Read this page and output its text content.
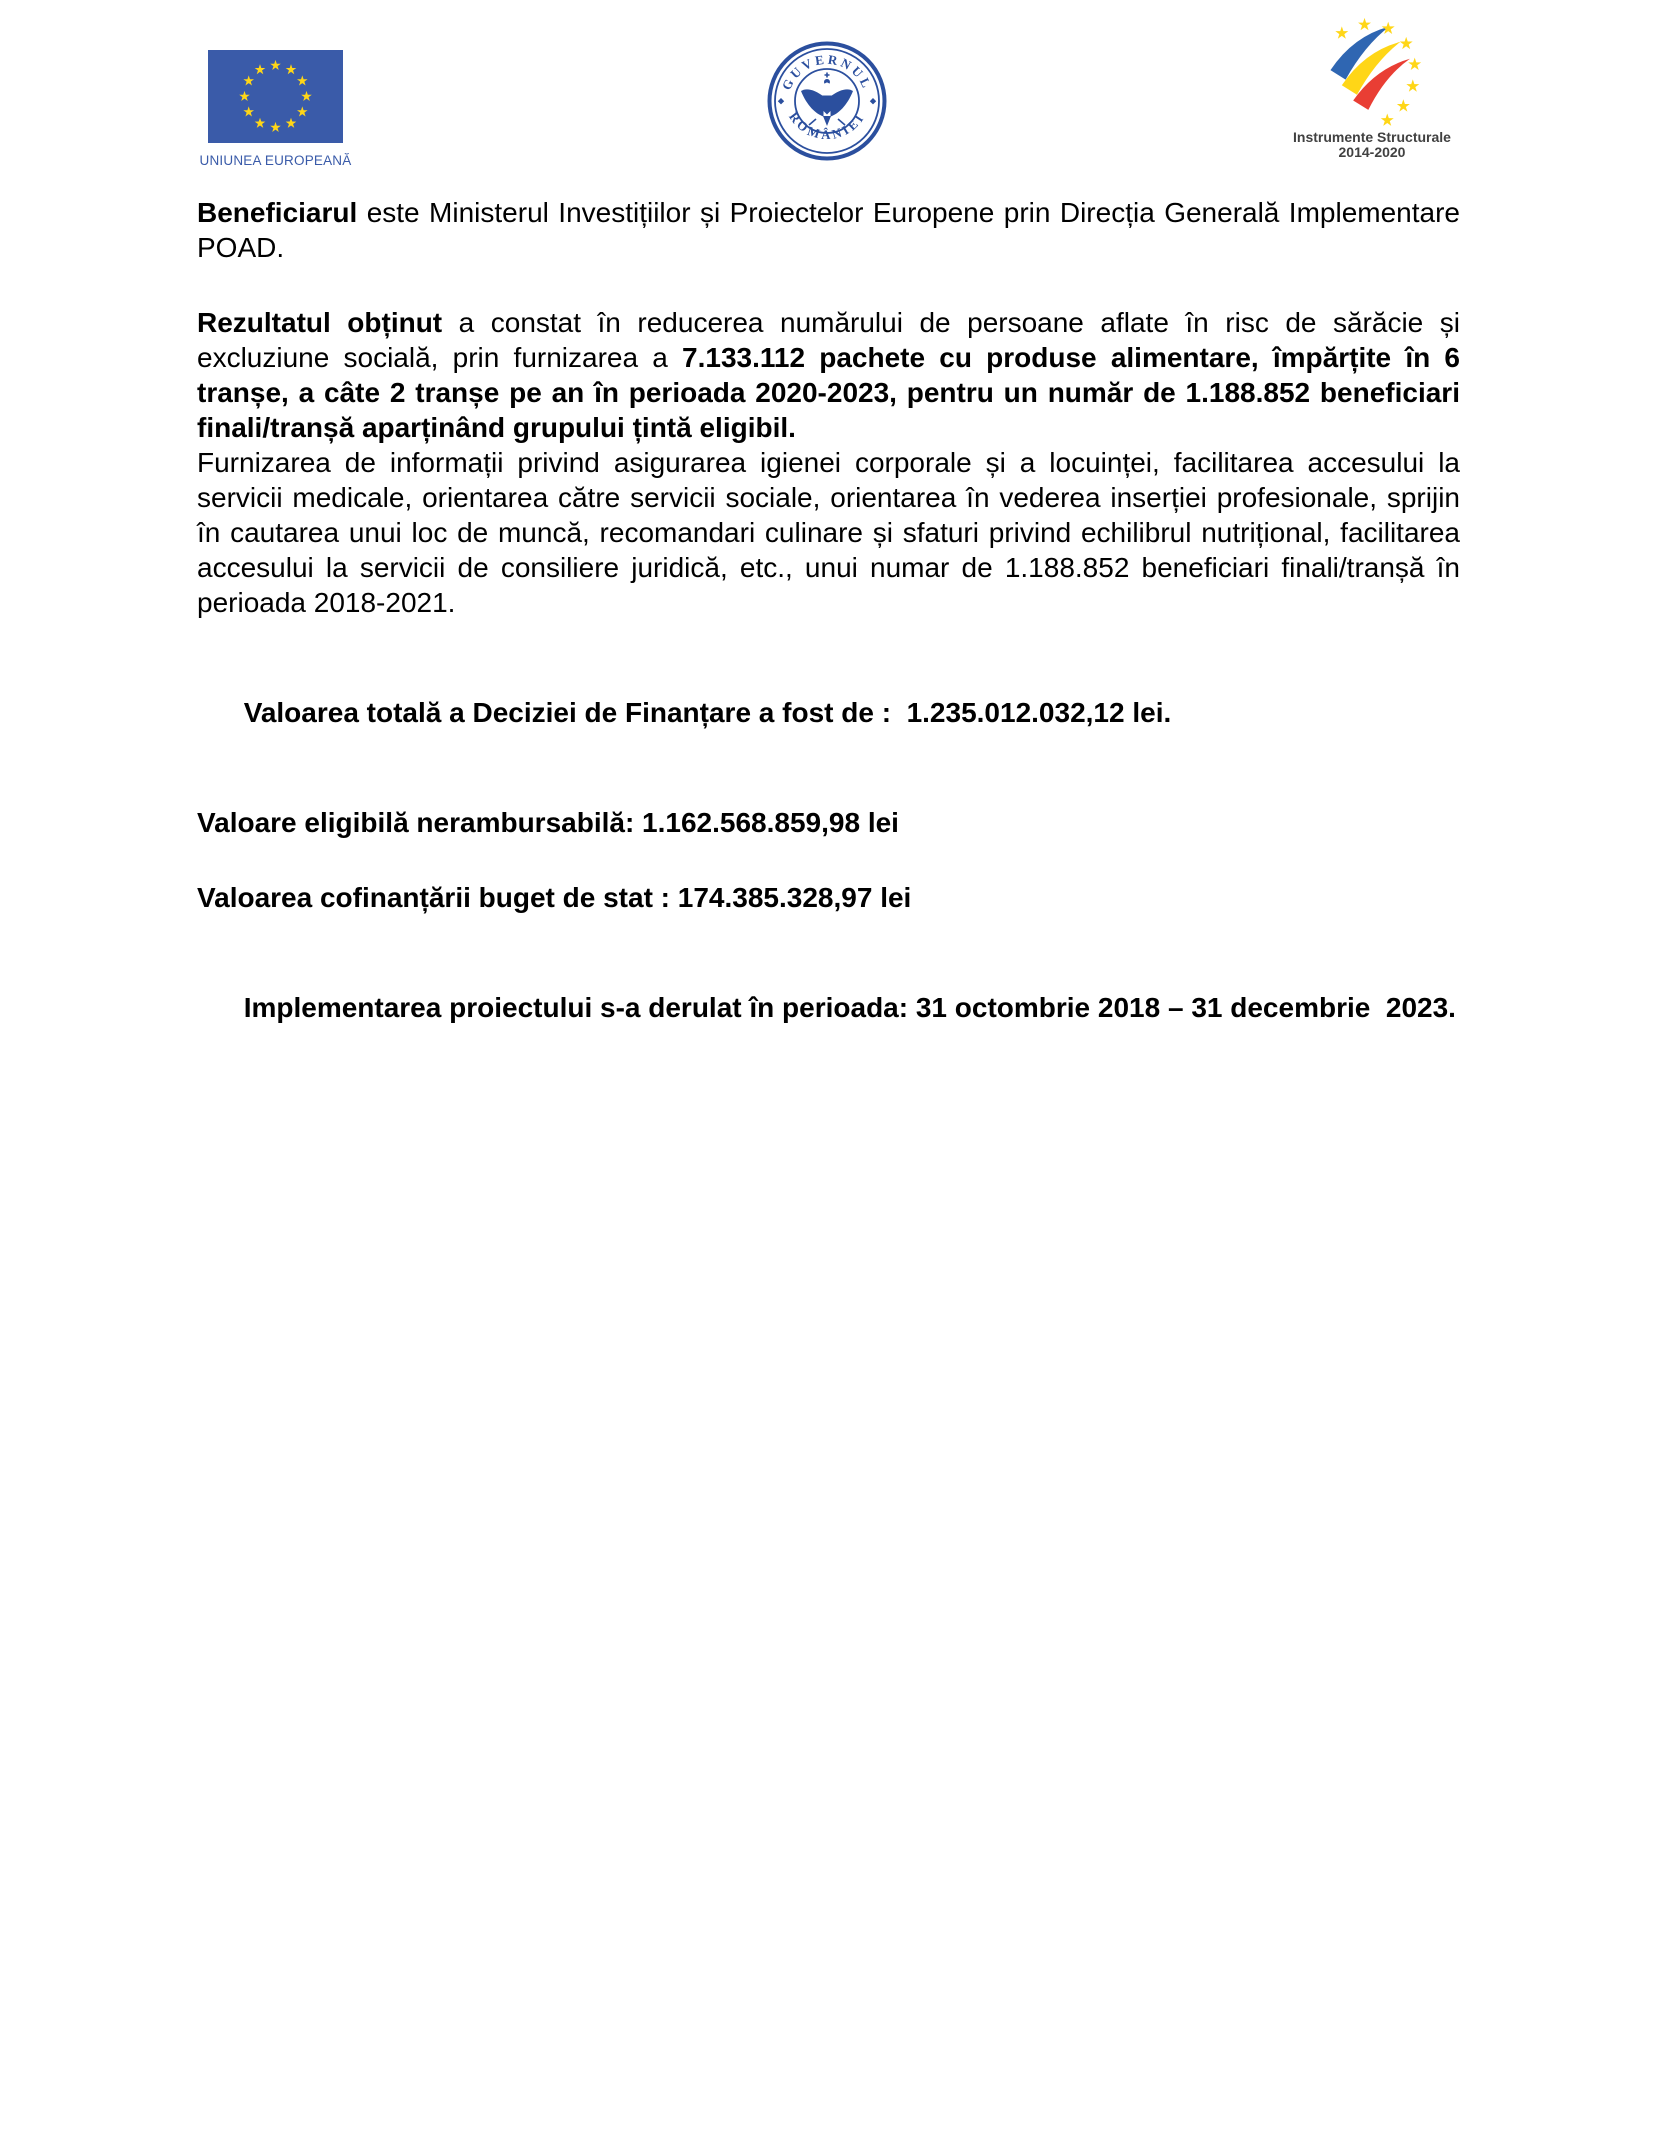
UNIUNEA EUROPEANĂ
GUVERNUL
ROMÂNIEI
Instrumente Structurale
2014-2020

Beneficiarul este Ministerul Investițiilor și Proiectelor Europene prin Direcția Generală Implementare POAD.

Rezultatul obținut a constat în reducerea numărului de persoane aflate în risc de sărăcie și excluziune socială, prin furnizarea a 7.133.112 pachete cu produse alimentare, împărțite în 6 tranșe, a câte 2 tranșe pe an în perioada 2020-2023, pentru un număr de 1.188.852 beneficiari finali/tranșă aparținând grupului țintă eligibil.

Furnizarea de informații privind asigurarea igienei corporale și a locuinței, facilitarea accesului la servicii medicale, orientarea către servicii sociale, orientarea în vederea inserției profesionale, sprijin în cautarea unui loc de muncă, recomandari culinare și sfaturi privind echilibrul nutrițional, facilitarea accesului la servicii de consiliere juridică, etc., unui numar de 1.188.852 beneficiari finali/tranșă în perioada 2018-2021.

Valoarea totală a Deciziei de Finanțare a fost de :  1.235.012.032,12 lei.

Valoare eligibilă nerambursabilă: 1.162.568.859,98 lei

Valoarea cofinanțării buget de stat : 174.385.328,97 lei

Implementarea proiectului s-a derulat în perioada: 31 octombrie 2018 – 31 decembrie  2023.
